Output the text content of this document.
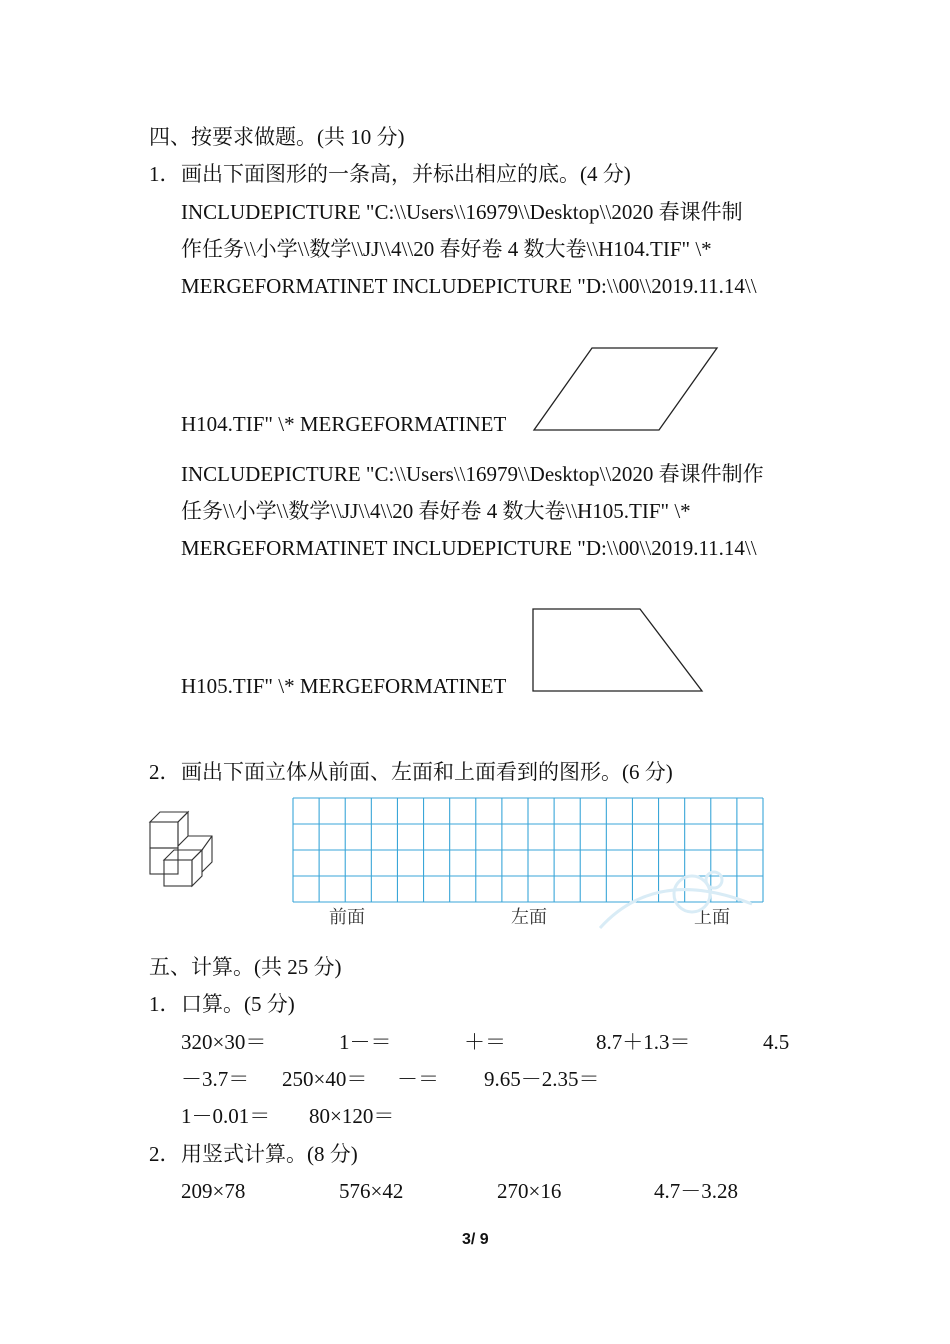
四、按要求做题。(共 10 分)
1． 画出下面图形的一条高，并标出相应的底。(4 分)
INCLUDEPICTURE "C:\\Users\\16979\\Desktop\\2020 春课件制
作任务\\小学\\数学\\JJ\\4\\20 春好卷 4 数大卷\\H104.TIF" \*
MERGEFORMATINET INCLUDEPICTURE "D:\\00\\2019.11.14\\
H104.TIF" \* MERGEFORMATINET
INCLUDEPICTURE "C:\\Users\\16979\\Desktop\\2020 春课件制作
任务\\小学\\数学\\JJ\\4\\20 春好卷 4 数大卷\\H105.TIF" \*
MERGEFORMATINET INCLUDEPICTURE "D:\\00\\2019.11.14\\
H105.TIF" \* MERGEFORMATINET
2． 画出下面立体从前面、左面和上面看到的图形。(6 分)
前面	左面	上面
五、计算。(共 25 分)
1． 口算。(5 分)
320×30＝	1－＝	＋＝	8.7＋1.3＝	4.5
－3.7＝ 250×40＝ －＝ 9.65－2.35＝
1－0.01＝ 80×120＝
2． 用竖式计算。(8 分)
209×78	576×42	270×16	4.7－3.28
3/ 9
